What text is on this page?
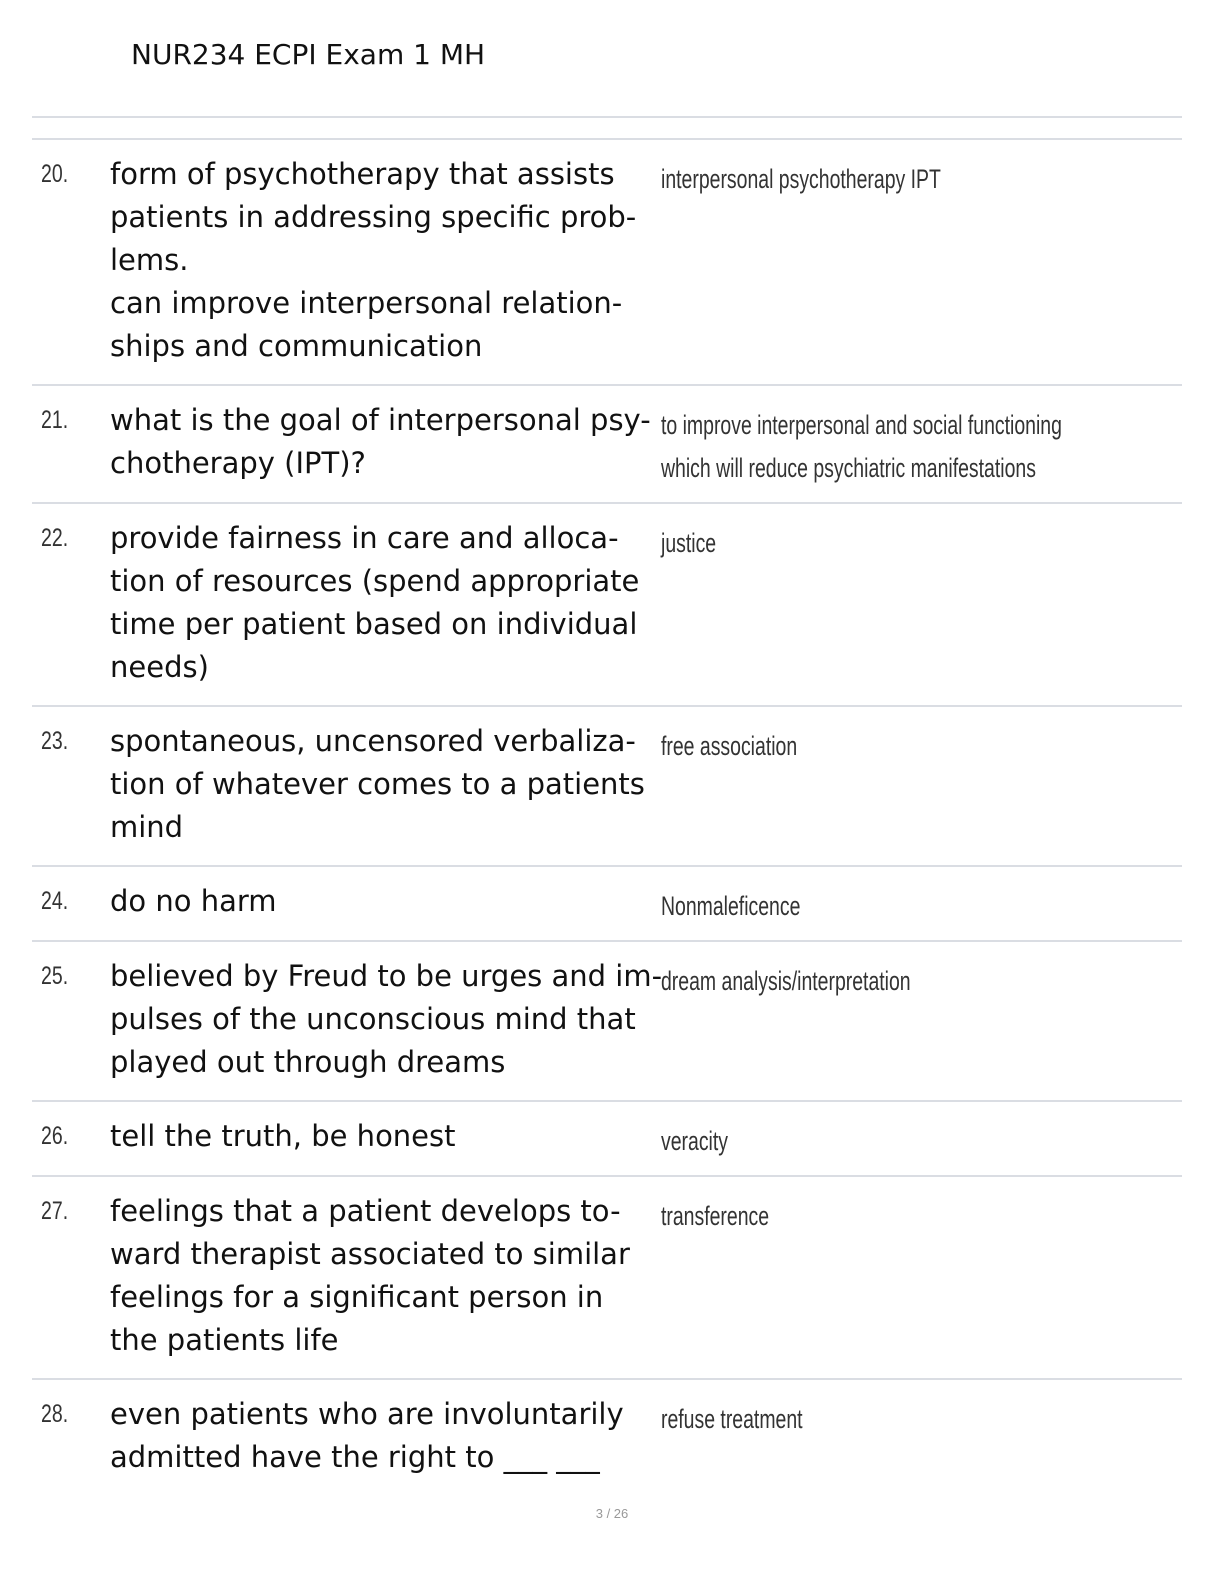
NUR234 ECPI Exam 1 MH
20. form of psychotherapy that assists
patients in addressing specific prob-
lems.
can improve interpersonal relation-
ships and communication
interpersonal psychotherapy IPT
21. what is the goal of interpersonal psy-
chotherapy (IPT)?
to improve interpersonal and social functioning
which will reduce psychiatric manifestations
22. provide fairness in care and alloca-
tion of resources (spend appropriate
time per patient based on individual
needs)
justice
23. spontaneous, uncensored verbaliza-
tion of whatever comes to a patients
mind
free association
24. do no harm	Nonmaleficence
25. believed by Freud to be urges and im-
pulses of the unconscious mind that
played out through dreams
dream analysis/interpretation
26. tell the truth, be honest	veracity
27. feelings that a patient develops to-
ward therapist associated to similar
feelings for a significant person in
the patients life
transference
28. even patients who are involuntarily
admitted have the right to ___ ___
refuse treatment
3 / 26
